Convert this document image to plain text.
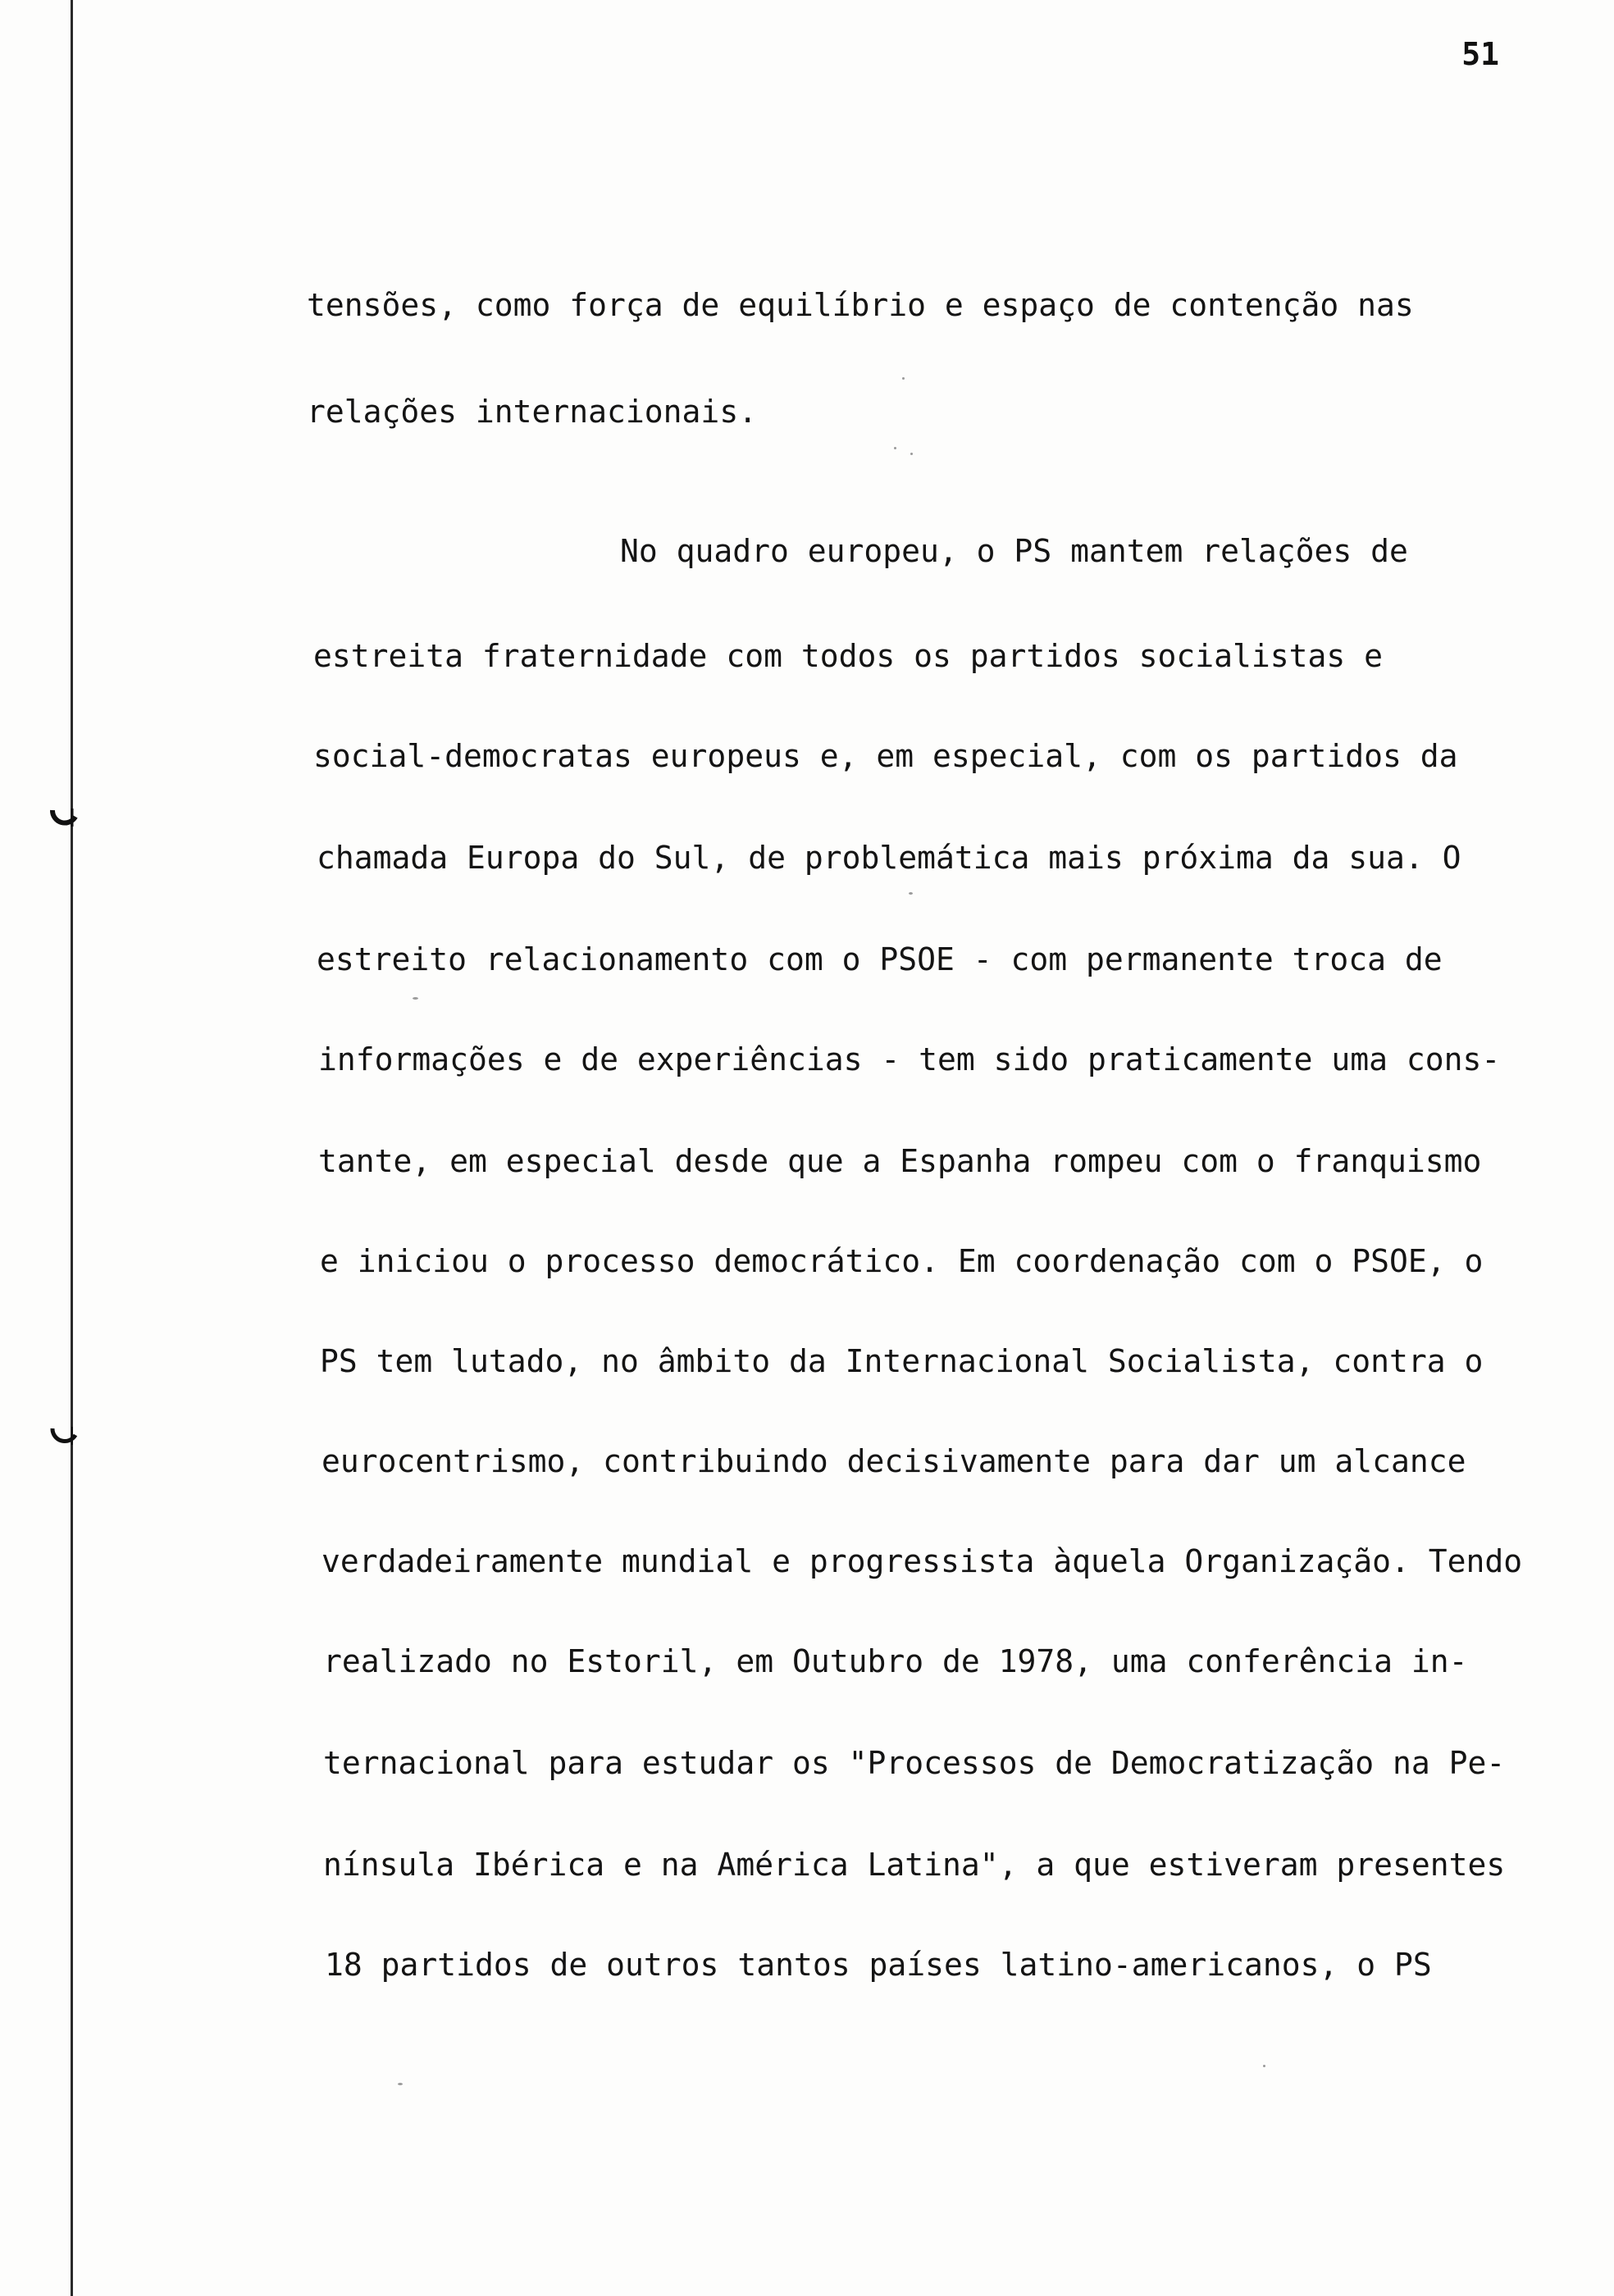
51
tensões, como força de equilíbrio e espaço de contenção nas
relações internacionais.
No quadro europeu, o PS mantem relações de
estreita fraternidade com todos os partidos socialistas e
social-democratas europeus e, em especial, com os partidos da
chamada Europa do Sul, de problemática mais próxima da sua. O
estreito relacionamento com o PSOE - com permanente troca de
informações e de experiências - tem sido praticamente uma cons-
tante, em especial desde que a Espanha rompeu com o franquismo
e iniciou o processo democrático. Em coordenação com o PSOE, o
PS tem lutado, no âmbito da Internacional Socialista, contra o
eurocentrismo, contribuindo decisivamente para dar um alcance
verdadeiramente mundial e progressista àquela Organização. Tendo
realizado no Estoril, em Outubro de 1978, uma conferência in-
ternacional para estudar os "Processos de Democratização na Pe-
nínsula Ibérica e na América Latina", a que estiveram presentes
18 partidos de outros tantos países latino-americanos, o PS
